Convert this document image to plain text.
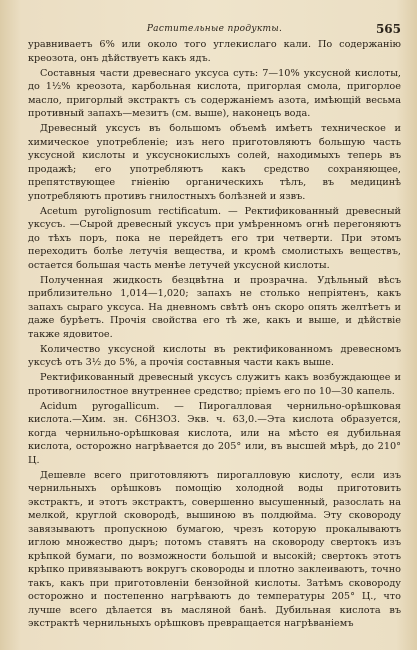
Растительные продукты.	565

уравниваетъ 6% или около того углекислаго кали. По содержанію креозота, онъ дѣйствуетъ какъ ядъ.

Составныя части древеснаго уксуса суть: 7—10% уксусной кислоты, до 1½% креозота, карбольная кислота, пригорлая смола, пригорлое масло, пригорлый экстрактъ съ содержаніемъ азота, имѣющій весьма противный запахъ—мезитъ (см. выше), наконецъ вода.

Древесный уксусъ въ большомъ объемѣ имѣетъ техническое и химическое употребленіе; изъ него приготовляютъ большую часть уксусной кислоты и уксуснокислыхъ солей, находимыхъ теперь въ продажѣ; его употребляютъ какъ средство сохраняющее, препятствующее гніенію органическихъ тѣлъ, въ медицинѣ употребляютъ противъ гнилостныхъ болѣзней и язвъ.

Acetum pyrolignosum rectificatum. — Ректификованный древесный уксусъ. —Сырой древесный уксусъ при умѣренномъ огнѣ перегоняютъ до тѣхъ поръ, пока не перейдетъ его три четверти. При этомъ переходитъ болѣе летучія вещества, и кромѣ смолистыхъ веществъ, остается большая часть менѣе летучей уксусной кислоты.

Полученная жидкость безцвѣтна и прозрачна. Удѣльный вѣсъ приблизительно 1,014—1,020; запахъ не столько непріятенъ, какъ запахъ сыраго уксуса. На дневномъ свѣтѣ онъ скоро опять желтѣетъ и даже бурѣетъ. Прочія свойства его тѣ же, какъ и выше, и дѣйствіе также ядовитое.

Количество уксусной кислоты въ ректификованномъ древесномъ уксусѣ отъ 3½ до 5%, а прочія составныя части какъ выше.

Ректификованный древесный уксусъ служитъ какъ возбуждающее и противогнилостное внутреннее средство; пріемъ его по 10—30 капель.

Acidum pyrogallicum. — Пирогалловая чернильно-орѣшковая кислота.—Хим. зн. C6H3O3. Экв. ч. 63,0.—Эта кислота образуется, когда чернильно-орѣшковая кислота, или на мѣсто ея дубильная кислота, осторожно нагрѣвается до 205° или, въ высшей мѣрѣ, до 210° Ц.

Дешевле всего приготовляютъ пирогалловую кислоту, если изъ чернильныхъ орѣшковъ помощію холодной воды приготовить экстрактъ, и этотъ экстрактъ, совершенно высушенный, разослать на мелкой, круглой сковородѣ, вышиною въ полдюйма. Эту сковороду завязываютъ пропускною бумагою, чрезъ которую прокалываютъ иглою множество дыръ; потомъ ставятъ на сковороду свертокъ изъ крѣпкой бумаги, по возможности большой и высокій; свертокъ этотъ крѣпко привязываютъ вокругъ сковороды и плотно заклеиваютъ, точно такъ, какъ при приготовленіи бензойной кислоты. Затѣмъ сковороду осторожно и постепенно нагрѣваютъ до температуры 205° Ц., что лучше всего дѣлается въ масляной банѣ. Дубильная кислота въ экстрактѣ чернильныхъ орѣшковъ превращается нагрѣваніемъ
